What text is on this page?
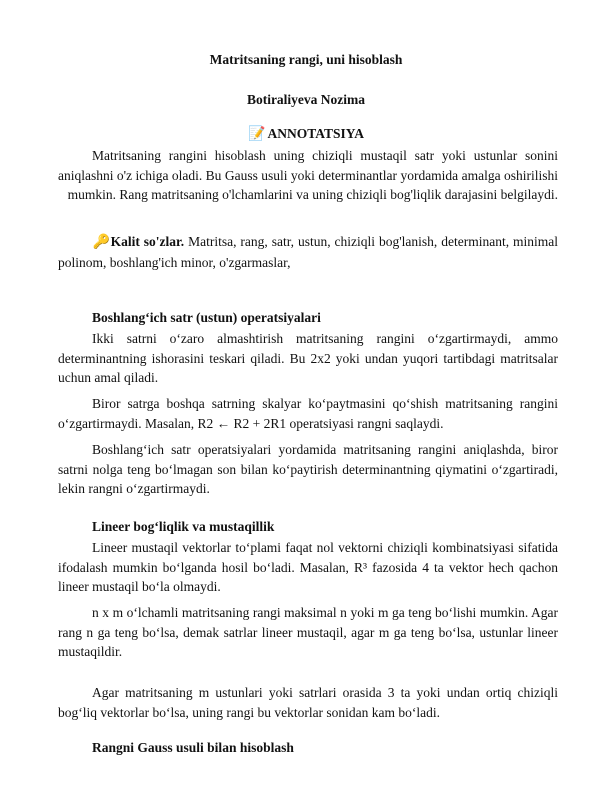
Matritsaning rangi, uni hisoblash
Botiraliyeva Nozima
📝 ANNOTATSIYA

Matritsaning rangini hisoblash uning chiziqli mustaqil satr yoki ustunlar sonini aniqlashni o'z ichiga oladi. Bu Gauss usuli yoki determinantlar yordamida amalga oshirilishi mumkin. Rang matritsaning o'lchamlarini va uning chiziqli bog'liqlik darajasini belgilaydi.

🔑Kalit so'zlar. Matritsa, rang, satr, ustun, chiziqli bog'lanish, determinant, minimal polinom, boshlang'ich minor, o'zgarmaslar,

Boshlang‘ich satr (ustun) operatsiyalari

Ikki satrni o‘zaro almashtirish matritsaning rangini o‘zgartirmaydi, ammo determinantning ishorasini teskari qiladi. Bu 2x2 yoki undan yuqori tartibdagi matritsalar uchun amal qiladi.

Biror satrga boshqa satrning skalyar ko‘paytmasini qo‘shish matritsaning rangini o‘zgartirmaydi. Masalan, R2 ← R2 + 2R1 operatsiyasi rangni saqlaydi.

Boshlang‘ich satr operatsiyalari yordamida matritsaning rangini aniqlashda, biror satrni nolga teng bo‘lmagan son bilan ko‘paytirish determinantning qiymatini o‘zgartiradi, lekin rangni o‘zgartirmaydi.

Lineer bog‘liqlik va mustaqillik

Lineer mustaqil vektorlar to‘plami faqat nol vektorni chiziqli kombinatsiyasi sifatida ifodalash mumkin bo‘lganda hosil bo‘ladi. Masalan, R³ fazosida 4 ta vektor hech qachon lineer mustaqil bo‘la olmaydi.

n x m o‘lchamli matritsaning rangi maksimal n yoki m ga teng bo‘lishi mumkin. Agar rang n ga teng bo‘lsa, demak satrlar lineer mustaqil, agar m ga teng bo‘lsa, ustunlar lineer mustaqildir.

Agar matritsaning m ustunlari yoki satrlari orasida 3 ta yoki undan ortiq chiziqli bog‘liq vektorlar bo‘lsa, uning rangi bu vektorlar sonidan kam bo‘ladi.

Rangni Gauss usuli bilan hisoblash
